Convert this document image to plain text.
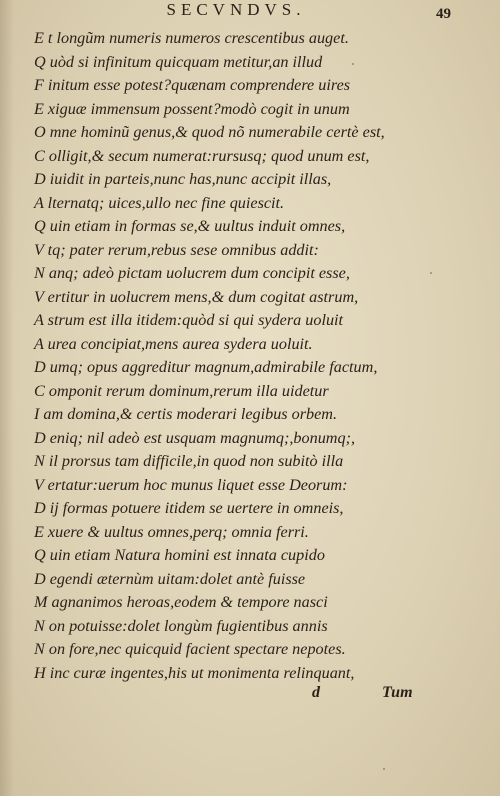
SECVNDVS.	49
E t longũm numeris numeros crescentibus auget.
Q uòd si infinitum quicquam metitur,an illud
F initum esse potest?quænam comprendere uires
E xiguæ immensum possent?modò cogit in unum
O mne hominũ genus,& quod nõ numerabile certè est,
C olligit,& secum numerat:rursusq; quod unum est,
D iuidit in parteis,nunc has,nunc accipit illas,
A lternatq; uices,ullo nec fine quiescit.
Q uin etiam in formas se,& uultus induit omnes,
V tq; pater rerum,rebus sese omnibus addit:
N anq; adeò pictam uolucrem dum concipit esse,
V ertitur in uolucrem mens,& dum cogitat astrum,
A strum est illa itidem:quòd si qui sydera uoluit
A urea concipiat,mens aurea sydera uoluit.
D umq; opus aggreditur magnum,admirabile factum,
C omponit rerum dominum,rerum illa uidetur
I am domina,& certis moderari legibus orbem.
D eniq; nil adeò est usquam magnumq;,bonumq;,
N il prorsus tam difficile,in quod non subitò illa
V ertatur:uerum hoc munus liquet esse Deorum:
D ij formas potuere itidem se uertere in omneis,
E xuere & uultus omnes,perq; omnia ferri.
Q uin etiam Natura homini est innata cupido
D egendi æternùm uitam:dolet antè fuisse
M agnanimos heroas,eodem & tempore nasci
N on potuisse:dolet longùm fugientibus annis
N on fore,nec quicquid facient spectare nepotes.
H inc curæ ingentes,his ut monimenta relinquant,
d	Tum
